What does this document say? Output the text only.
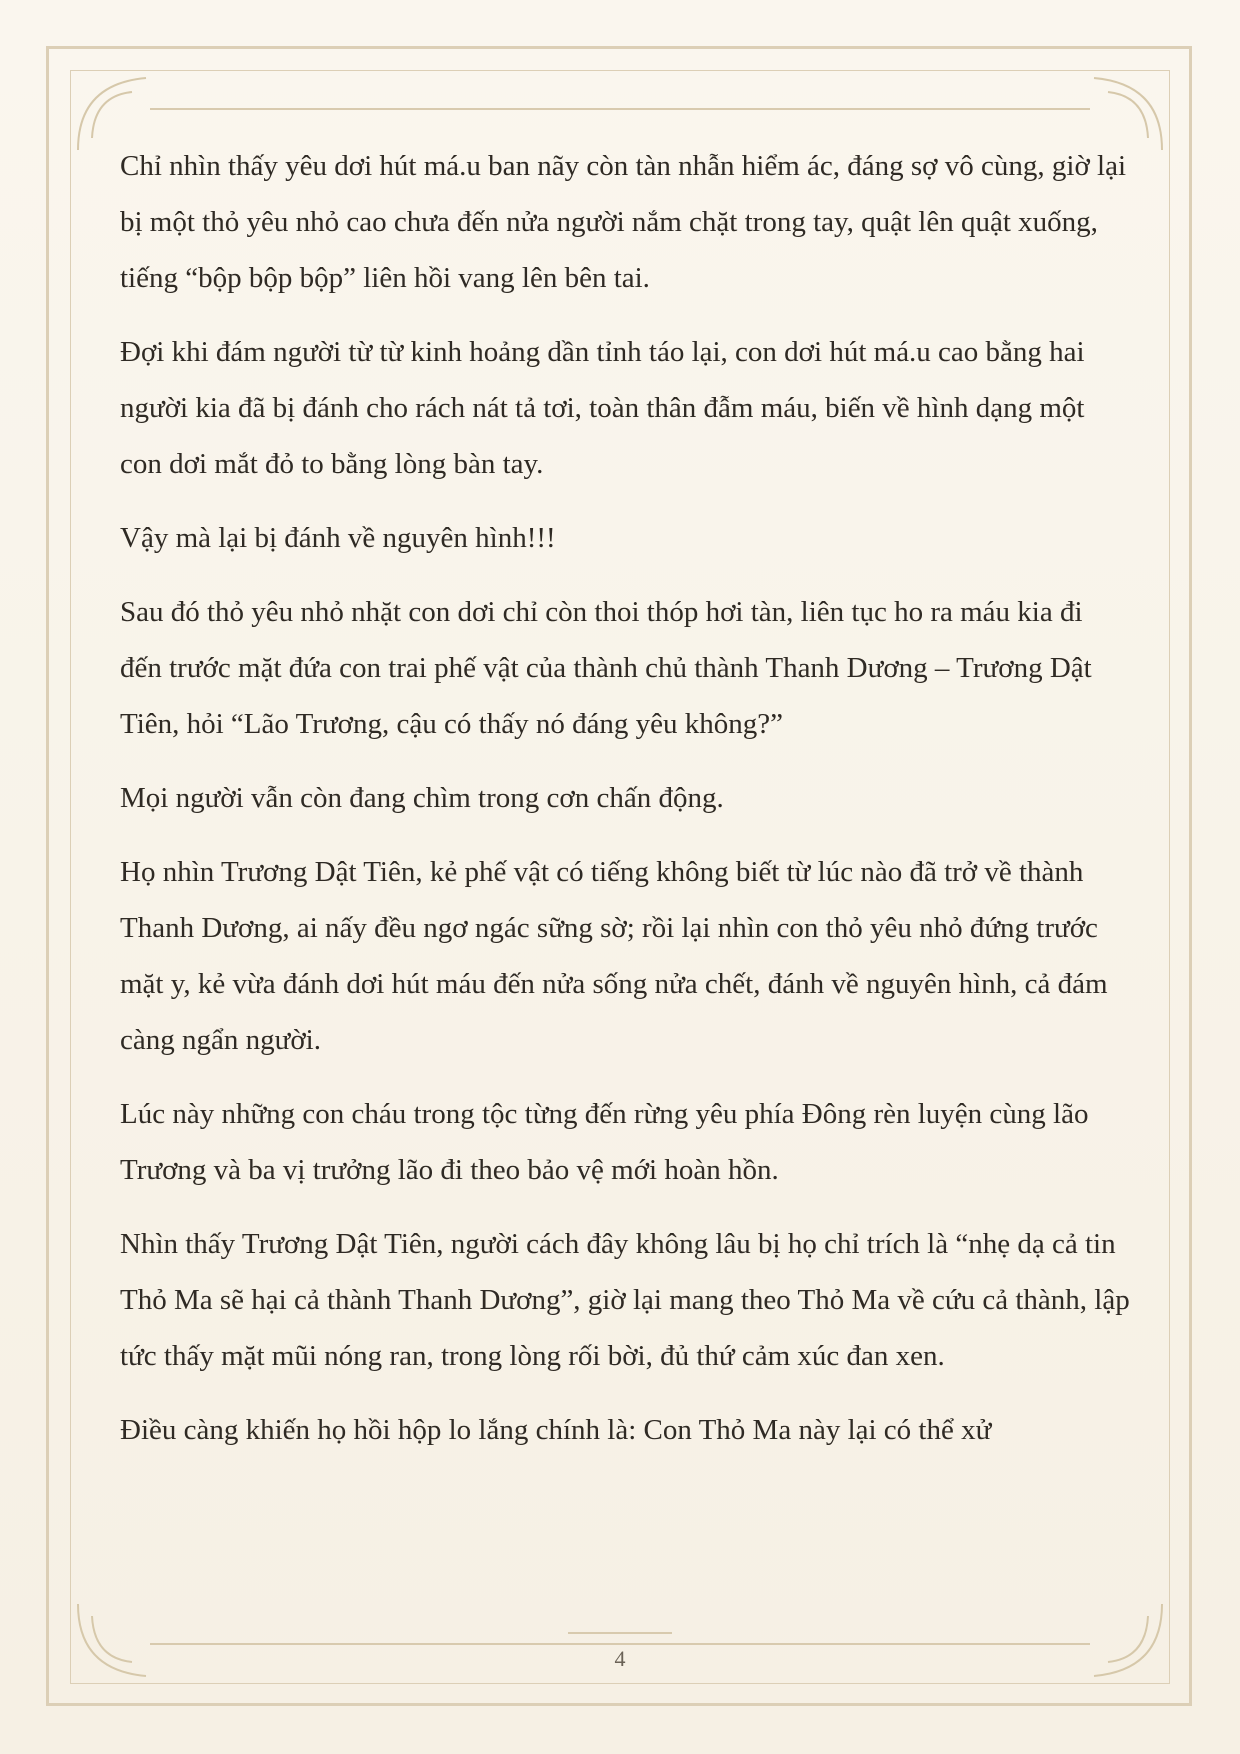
Chỉ nhìn thấy yêu dơi hút má.u ban nãy còn tàn nhẫn hiểm ác, đáng sợ vô cùng, giờ lại bị một thỏ yêu nhỏ cao chưa đến nửa người nắm chặt trong tay, quật lên quật xuống, tiếng “bộp bộp bộp” liên hồi vang lên bên tai.

Đợi khi đám người từ từ kinh hoảng dần tỉnh táo lại, con dơi hút má.u cao bằng hai người kia đã bị đánh cho rách nát tả tơi, toàn thân đẫm máu, biến về hình dạng một con dơi mắt đỏ to bằng lòng bàn tay.

Vậy mà lại bị đánh về nguyên hình!!!

Sau đó thỏ yêu nhỏ nhặt con dơi chỉ còn thoi thóp hơi tàn, liên tục ho ra máu kia đi đến trước mặt đứa con trai phế vật của thành chủ thành Thanh Dương – Trương Dật Tiên, hỏi “Lão Trương, cậu có thấy nó đáng yêu không?”

Mọi người vẫn còn đang chìm trong cơn chấn động.

Họ nhìn Trương Dật Tiên, kẻ phế vật có tiếng không biết từ lúc nào đã trở về thành Thanh Dương, ai nấy đều ngơ ngác sững sờ; rồi lại nhìn con thỏ yêu nhỏ đứng trước mặt y, kẻ vừa đánh dơi hút máu đến nửa sống nửa chết, đánh về nguyên hình, cả đám càng ngẩn người.

Lúc này những con cháu trong tộc từng đến rừng yêu phía Đông rèn luyện cùng lão Trương và ba vị trưởng lão đi theo bảo vệ mới hoàn hồn.

Nhìn thấy Trương Dật Tiên, người cách đây không lâu bị họ chỉ trích là “nhẹ dạ cả tin Thỏ Ma sẽ hại cả thành Thanh Dương”, giờ lại mang theo Thỏ Ma về cứu cả thành, lập tức thấy mặt mũi nóng ran, trong lòng rối bời, đủ thứ cảm xúc đan xen.

Điều càng khiến họ hồi hộp lo lắng chính là: Con Thỏ Ma này lại có thể xử

4
